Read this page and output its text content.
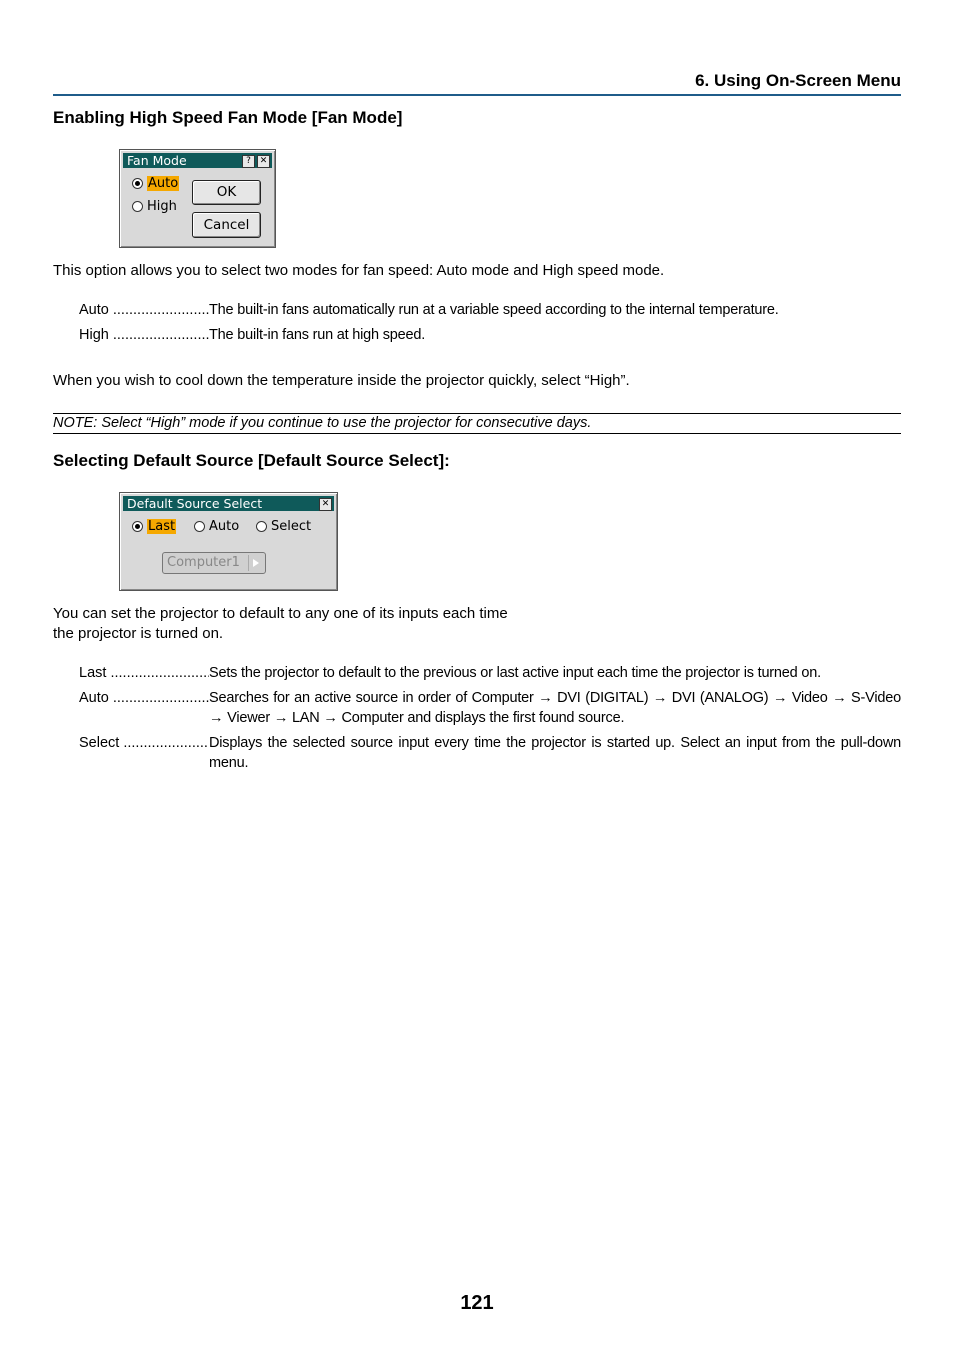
6. Using On-Screen Menu
Enabling High Speed Fan Mode [Fan Mode]
Fan Mode	? ✕
Auto
High
OK
Cancel
This option allows you to select two modes for fan speed: Auto mode and High speed mode.
Auto .....	The built-in fans automatically run at a variable speed according to the internal temperature.
High .....	The built-in fans run at high speed.
When you wish to cool down the temperature inside the projector quickly, select “High”.
NOTE: Select “High” mode if you continue to use the projector for consecutive days.
Selecting Default Source [Default Source Select]:
Default Source Select	✕
Last	Auto Select
Computer1
You can set the projector to default to any one of its inputs each time
the projector is turned on.
Last .....	Sets the projector to default to the previous or last active input each time the projector is turned on.
Auto .....	Searches for an active source in order of Computer → DVI (DIGITAL) → DVI (ANALOG) → Video → S-Video → Viewer → LAN → Computer and displays the first found source.
Select .....	Displays the selected source input every time the projector is started up. Select an input from the pull-down menu.
121
